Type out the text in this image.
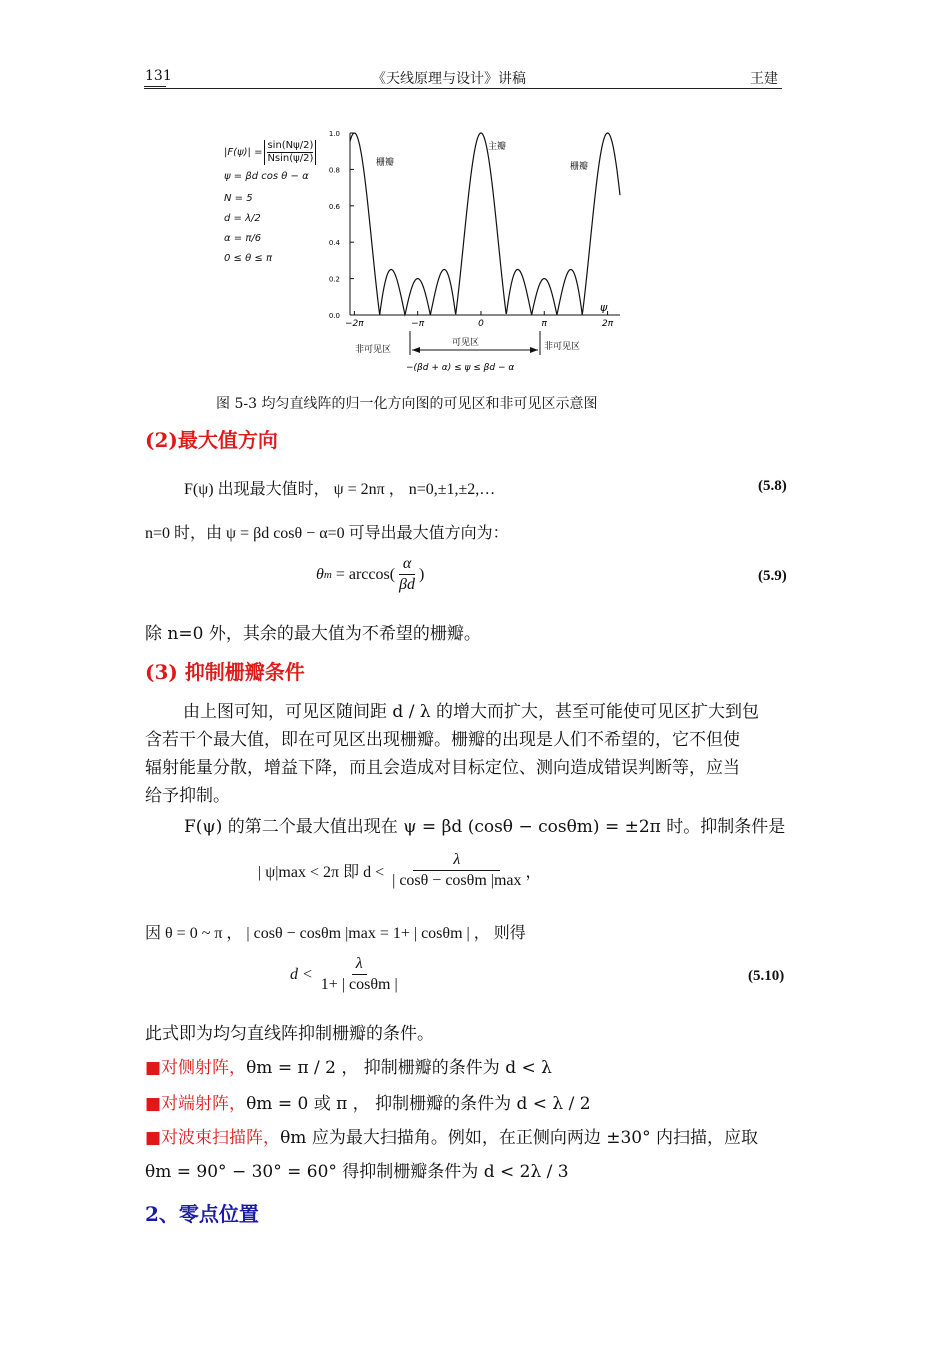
131	《天线原理与设计》讲稿	王建
$|F(\psi)| = \frac{\sin(N\psi/2)}{Nsin(\psi/2)}$
ψ = βd cos θ − α
N = 5
d = λ/2
α = π/6
0 ≤ θ ≤ π
0.0
0.2
0.4
0.6
0.8
1.0
−2π	−π	0	π	2π
主瓣
栅瓣	栅瓣
ψ
非可见区
可见区	非可见区
−(βd + α) ≤ ψ ≤ βd − α
图 5-3 均匀直线阵的归一化方向图的可见区和非可见区示意图
(2)最大值方向
F(ψ) 出现最大值时， ψ = 2nπ ， n=0,±1,±2,…	(5.8)
n=0 时，由 ψ = βd cosθ − α=0 可导出最大值方向为：
θ $m = \arccos( \frac{\alpha}{\beta d}$ )	(5.9)
除 n=0 外，其余的最大值为不希望的栅瓣。
(3) 抑制栅瓣条件
由上图可知，可见区随间距 d / λ 的增大而扩大，甚至可能使可见区扩大到包
含若干个最大值，即在可见区出现栅瓣。栅瓣的出现是人们不希望的，它不但使
辐射能量分散，增益下降，而且会造成对目标定位、测向造成错误判断等，应当
给予抑制。
F(ψ) 的第二个最大值出现在 ψ = βd (cosθ − cosθm) = ±2π 时。抑制条件是
| ψ|max < 2π 即 $d < \frac{\lambda}{| \cos\theta - \cos\theta m |\max}$ ，
因 θ = 0 ~ π ， | cosθ − cosθm |max = 1+ | cosθm | ， 则得
$d < \frac{\lambda}{1+ | \cos\theta m |}$	(5.10)
此式即为均匀直线阵抑制栅瓣的条件。
■对侧射阵，θm = π / 2 ， 抑制栅瓣的条件为 d < λ
■对端射阵，θm = 0 或 π ， 抑制栅瓣的条件为 d < λ / 2
■对波束扫描阵，θm 应为最大扫描角。例如，在正侧向两边 ±30° 内扫描，应取
θm = 90° − 30° = 60° 得抑制栅瓣条件为 d < 2λ / 3
2、零点位置
